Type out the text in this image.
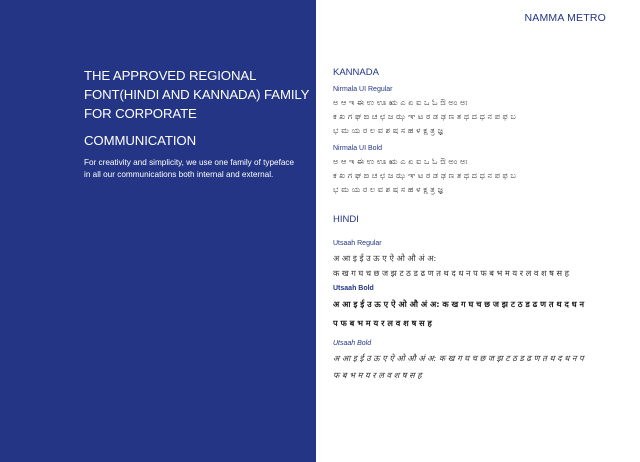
THE APPROVED REGIONAL
FONT(HINDI AND KANNADA) FAMILY
FOR CORPORATE
COMMUNICATION
For creativity and simplicity, we use one family of typeface in all our communications both internal and external.
NAMMA METRO
KANNADA
Nirmala UI Regular
ಅ ಆ ಇ ಈ ಉ ಊ ಋ ಎ ಏ ಐ ಒ ಓ ಔ ಅಂ ಅಃ
ಕ ಖ ಗ ಘ ಙ ಚ ಛ ಜ ಝ ಞ ಟ ಠ ಡ ಢ ಣ ತ ಥ ದ ಧ ನ ಪ ಫ ಬ
ಭ ಮ ಯ ರ ಲ ವ ಶ ಷ ಸ ಹ ಳ ಕ್ಷ ತ್ರ ಜ್ಞ
Nirmala UI Bold
ಅ ಆ ಇ ಈ ಉ ಊ ಋ ಎ ಏ ಐ ಒ ಓ ಔ ಅಂ ಅಃ
ಕ ಖ ಗ ಘ ಙ ಚ ಛ ಜ ಝ ಞ ಟ ಠ ಡ ಢ ಣ ತ ಥ ದ ಧ ನ ಪ ಫ ಬ
ಭ ಮ ಯ ರ ಲ ವ ಶ ಷ ಸ ಹ ಳ ಕ್ಷ ತ್ರ ಜ್ಞ
HINDI
Utsaah Regular
अ आ इ ई उ ऊ ए ऐ ओ औ अं अ:
क ख ग घ च छ ज झ ट ठ ड ढ ण त थ द ध न प फ ब भ म य र ल व श ष स ह
Utsaah Bold
अ आ इ ई उ ऊ ए ऐ ओ औ अं अ: क ख ग घ च छ ज झ ट ठ ड ढ ण त थ द ध न
प फ ब भ म य र ल व श ष स ह
Utsaah Bold
अ आ इ ई उ ऊ ए ऐ ओ औ अं अ: क ख ग घ च छ ज झ ट ठ ड ढ ण त थ द ध न प
फ ब भ म य र ल व श ष स ह
